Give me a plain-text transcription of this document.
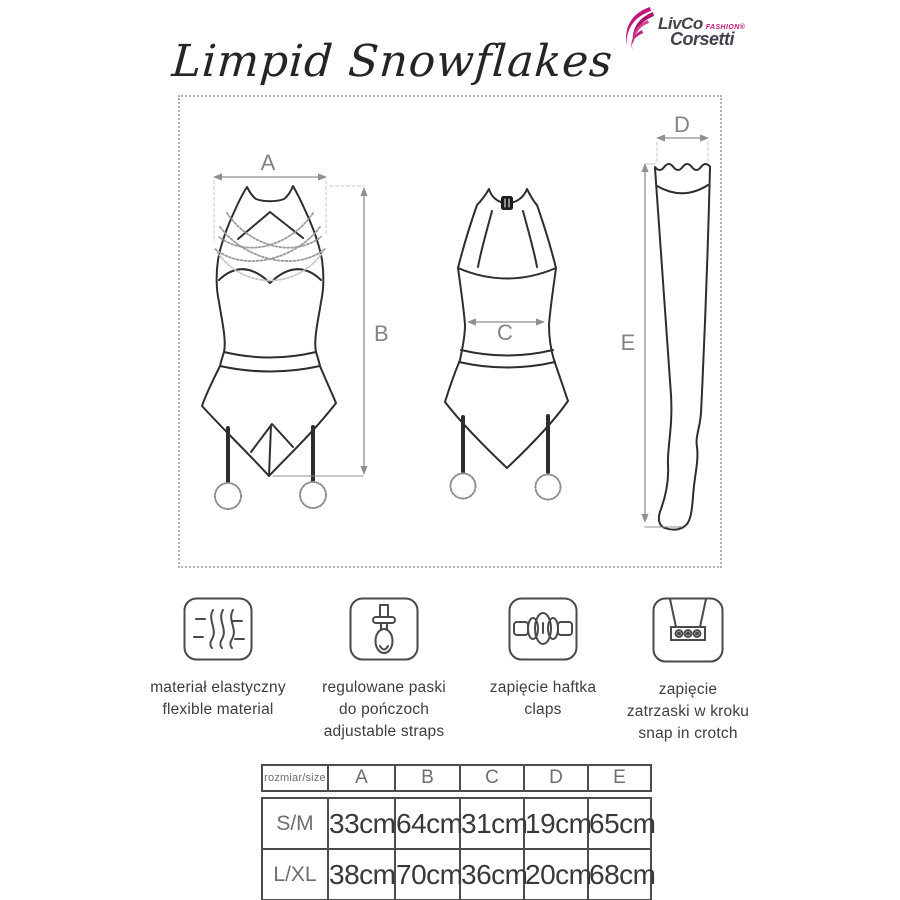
LivCo FASHION®
Corsetti
Limpid Snowflakes
A
B	C
D
E
materiał elastyczny
flexible material
regulowane paski
do pończoch
adjustable straps
zapięcie haftka
claps
zapięcie
zatrzaski w kroku
snap in crotch
rozmiar/size	A	B	C	D	E
S/M	33cm	64cm	31cm	19cm	65cm
L/XL	38cm	70cm	36cm	20cm	68cm
